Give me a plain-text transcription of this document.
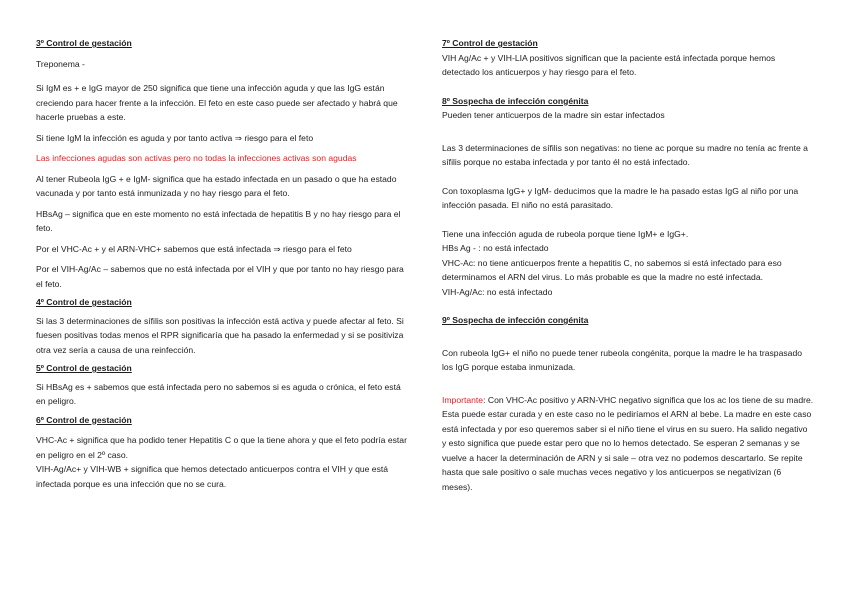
3º Control de gestación

Treponema -

Si IgM es + e IgG mayor de 250 significa que tiene una infección aguda y que las IgG están creciendo para hacer frente a la infección. El feto en este caso puede ser afectado y habrá que hacerle pruebas a este.

Si tiene IgM la infección es aguda y por tanto activa ⇒ riesgo para el feto

Las infecciones agudas son activas pero no todas la infecciones activas son agudas

Al tener Rubeola IgG + e IgM- significa que ha estado infectada en un pasado o que ha estado vacunada y por tanto está inmunizada y no hay riesgo para el feto.

HBsAg – significa que en este momento no está infectada de hepatitis B y no hay riesgo para el feto.

Por el VHC-Ac + y el ARN-VHC+ sabemos que está infectada ⇒ riesgo para el feto

Por el VIH-Ag/Ac – sabemos que no está infectada por el VIH y que por tanto no hay riesgo para el feto.

4º Control de gestación

Si las 3 determinaciones de sífilis son positivas la infección está activa y puede afectar al feto. Si fuesen positivas todas menos el RPR significaría que ha pasado la enfermedad y si se positiviza otra vez sería a causa de una reinfección.

5º Control de gestación

Si HBsAg es + sabemos que está infectada pero no sabemos si es aguda o crónica, el feto está en peligro.

6º Control de gestación

VHC-Ac + significa que ha podido tener Hepatitis C o que la tiene ahora y que el feto podría estar en peligro en el 2º caso.

VIH-Ag/Ac+ y VIH-WB + significa que hemos detectado anticuerpos contra el VIH y que está infectada porque es una infección que no se cura.

7º Control de gestación

VIH Ag/Ac + y VIH-LIA positivos significan que la paciente está infectada porque hemos detectado los anticuerpos y hay riesgo para el feto.

8º Sospecha de infección congénita

Pueden tener anticuerpos de la madre sin estar infectados

Las 3 determinaciones de sífilis son negativas: no tiene ac porque su madre no tenía ac frente a sífilis porque no estaba infectada y por tanto él no está infectado.

Con toxoplasma IgG+ y IgM- deducimos que la madre le ha pasado estas IgG al niño por una infección pasada. El niño no está parasitado.

Tiene una infección aguda de rubeola porque tiene IgM+ e IgG+.

HBs Ag - : no está infectado

VHC-Ac: no tiene anticuerpos frente a hepatitis C, no sabemos si está infectado para eso determinamos el ARN del virus. Lo más probable es que la madre no esté infectada.

VIH-Ag/Ac: no está infectado

9º Sospecha de infección congénita

Con rubeola IgG+ el niño no puede tener rubeola congénita, porque la madre le ha traspasado los IgG porque estaba inmunizada.

Importante: Con VHC-Ac positivo y ARN-VHC negativo significa que los ac los tiene de su madre. Esta puede estar curada y en este caso no le pediríamos el ARN al bebe. La madre en este caso está infectada y por eso queremos saber si el niño tiene el virus en su suero. Ha salido negativo y esto significa que puede estar pero que no lo hemos detectado. Se esperan 2 semanas y se vuelve a hacer la determinación de ARN y si sale – otra vez no podemos descartarlo. Se repite hasta que sale positivo o sale muchas veces negativo y los anticuerpos se negativizan (6 meses).
